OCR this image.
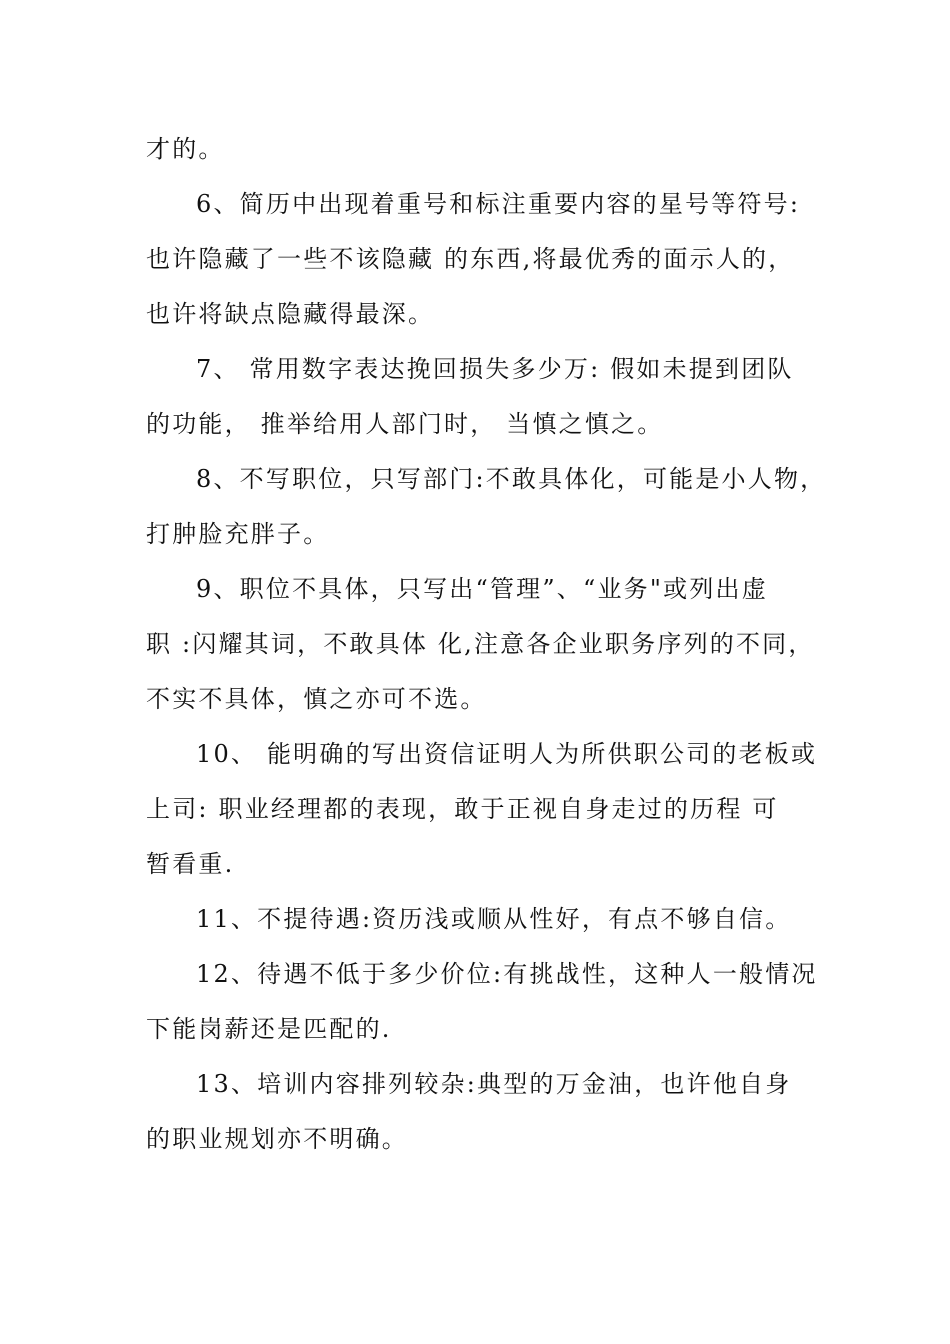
才的。
6、简历中出现着重号和标注重要内容的星号等符号:
也许隐藏了一些不该隐藏 的东西,将最优秀的面示人的，
也许将缺点隐藏得最深。
7、 常用数字表达挽回损失多少万: 假如未提到团队
的功能， 推举给用人部门时， 当慎之慎之。
8、不写职位，只写部门:不敢具体化，可能是小人物，
打肿脸充胖子。
9、职位不具体，只写出“管理”、“业务"或列出虚
职 :闪耀其词，不敢具体 化,注意各企业职务序列的不同，
不实不具体，慎之亦可不选。
10、 能明确的写出资信证明人为所供职公司的老板或
上司: 职业经理都的表现，敢于正视自身走过的历程 可
暂看重.
11、不提待遇:资历浅或顺从性好，有点不够自信。
12、待遇不低于多少价位:有挑战性，这种人一般情况
下能岗薪还是匹配的.
13、培训内容排列较杂:典型的万金油，也许他自身
的职业规划亦不明确。
